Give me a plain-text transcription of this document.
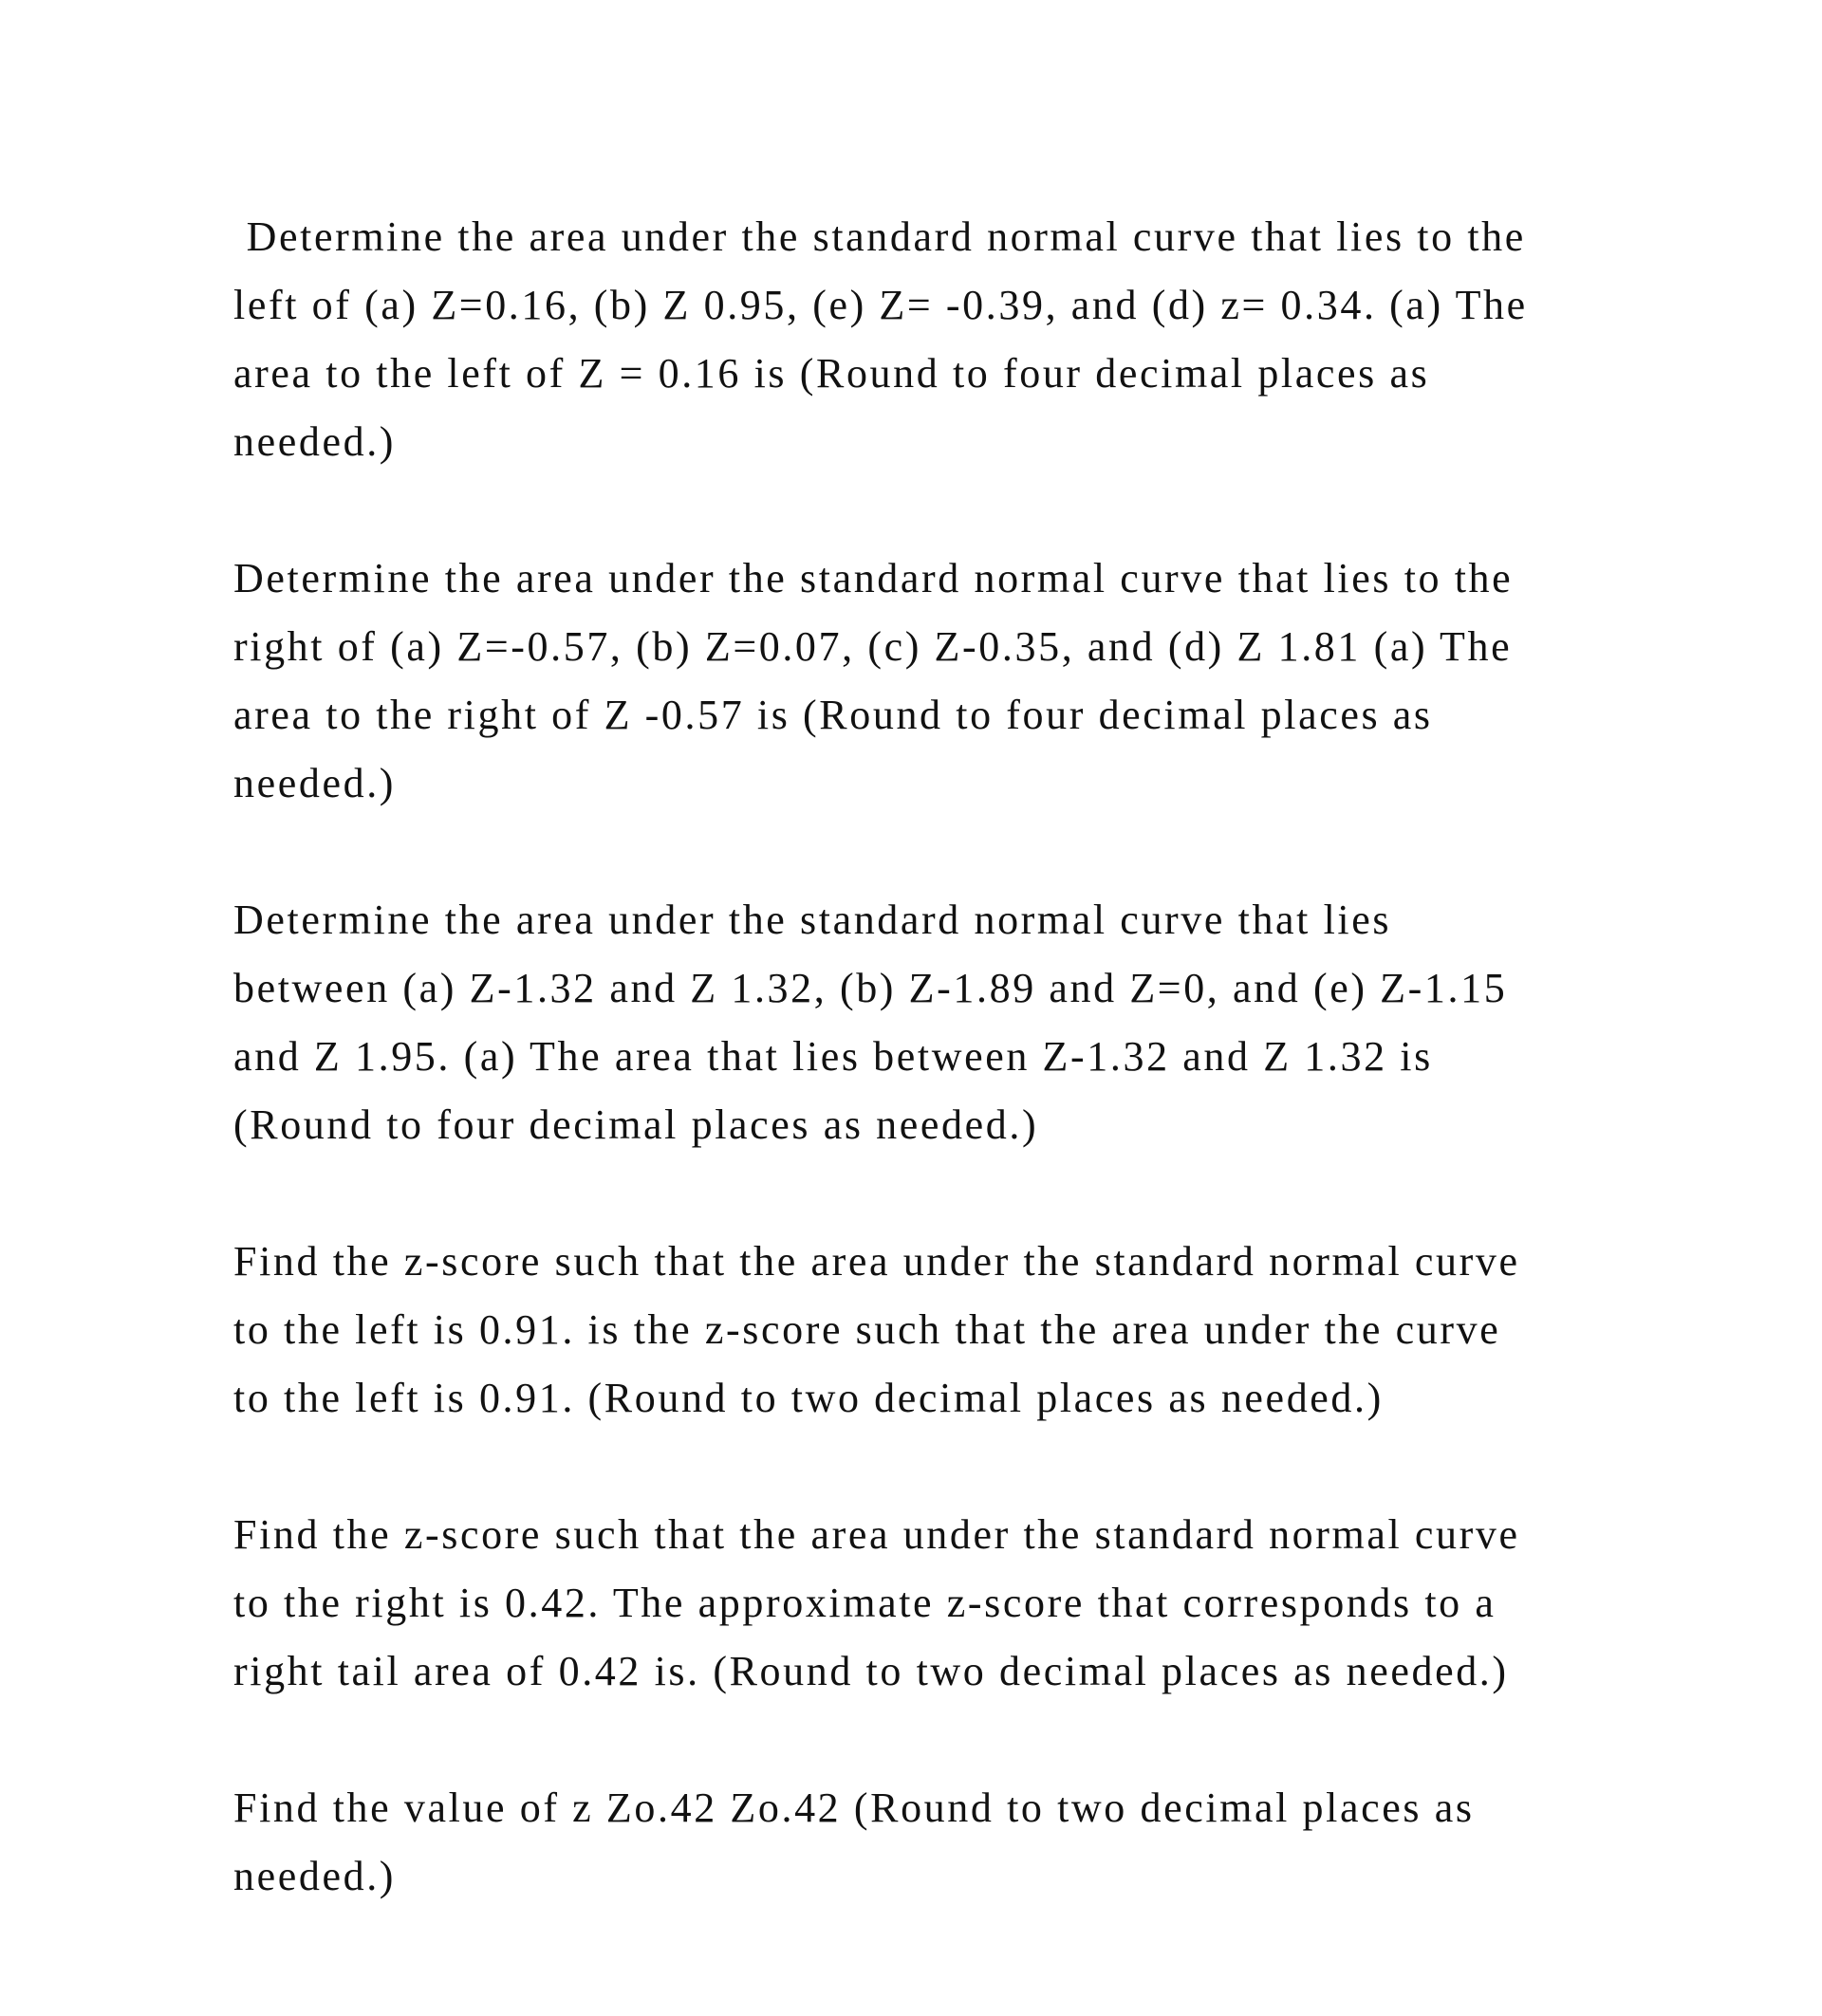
Determine the area under the standard normal curve that lies to the left of (a) Z=0.16, (b) Z 0.95, (e) Z= -0.39, and (d) z= 0.34. (a) The area to the left of Z = 0.16 is (Round to four decimal places as needed.)

Determine the area under the standard normal curve that lies to the right of (a) Z=-0.57, (b) Z=0.07, (c) Z-0.35, and (d) Z 1.81 (a) The area to the right of Z -0.57 is (Round to four decimal places as needed.)

Determine the area under the standard normal curve that lies between (a) Z-1.32 and Z 1.32, (b) Z-1.89 and Z=0, and (e) Z-1.15 and Z 1.95. (a) The area that lies between Z-1.32 and Z 1.32 is (Round to four decimal places as needed.)

Find the z-score such that the area under the standard normal curve to the left is 0.91. is the z-score such that the area under the curve to the left is 0.91. (Round to two decimal places as needed.)

Find the z-score such that the area under the standard normal curve to the right is 0.42. The approximate z-score that corresponds to a right tail area of 0.42 is. (Round to two decimal places as needed.)

Find the value of z Zo.42 Zo.42 (Round to two decimal places as needed.)
